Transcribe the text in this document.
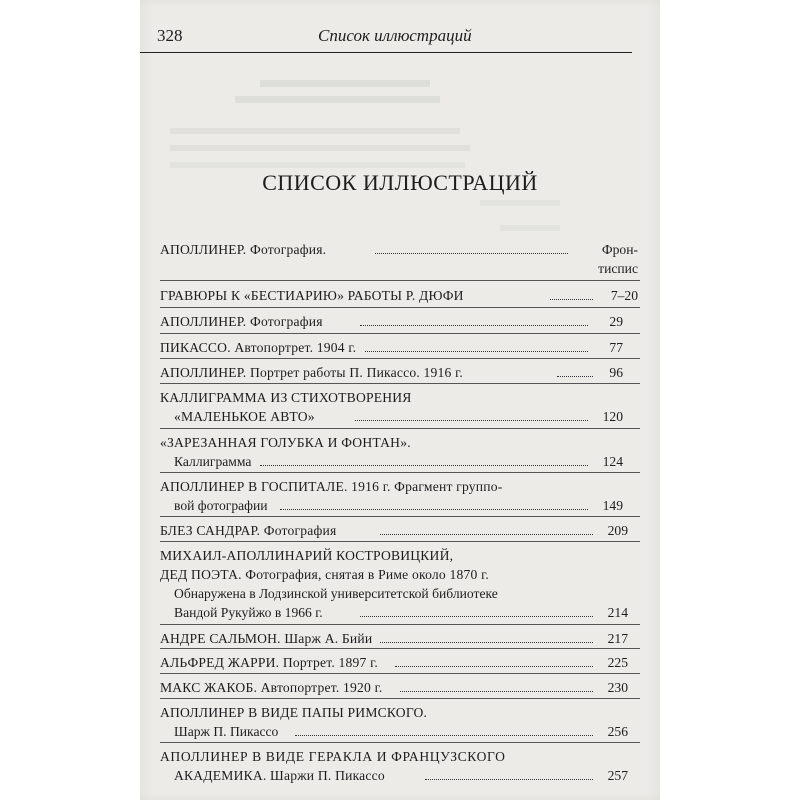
328	Список иллюстраций
СПИСОК ИЛЛЮСТРАЦИЙ
АПОЛЛИНЕР. Фотография.	Фрон-
тиспис
ГРАВЮРЫ К «БЕСТИАРИЮ» РАБОТЫ Р. ДЮФИ	7–20
АПОЛЛИНЕР. Фотография	29
ПИКАССО. Автопортрет. 1904 г.	77
АПОЛЛИНЕР. Портрет работы П. Пикассо. 1916 г.	96
КАЛЛИГРАММА ИЗ СТИХОТВОРЕНИЯ
«МАЛЕНЬКОЕ АВТО»	120
«ЗАРЕЗАННАЯ ГОЛУБКА И ФОНТАН».
Каллиграмма	124
АПОЛЛИНЕР В ГОСПИТАЛЕ. 1916 г. Фрагмент группо-
вой фотографии	149
БЛЕЗ САНДРАР. Фотография	209
МИХАИЛ-АПОЛЛИНАРИЙ КОСТРОВИЦКИЙ,
ДЕД ПОЭТА. Фотография, снятая в Риме около 1870 г.
Обнаружена в Лодзинской университетской библиотеке
Вандой Рукуйжо в 1966 г.	214
АНДРЕ САЛЬМОН. Шарж А. Бийи	217
АЛЬФРЕД ЖАРРИ. Портрет. 1897 г.	225
МАКС ЖАКОБ. Автопортрет. 1920 г.	230
АПОЛЛИНЕР В ВИДЕ ПАПЫ РИМСКОГО.
Шарж П. Пикассо	256
АПОЛЛИНЕР В ВИДЕ ГЕРАКЛА И ФРАНЦУЗСКОГО
АКАДЕМИКА. Шаржи П. Пикассо	257
